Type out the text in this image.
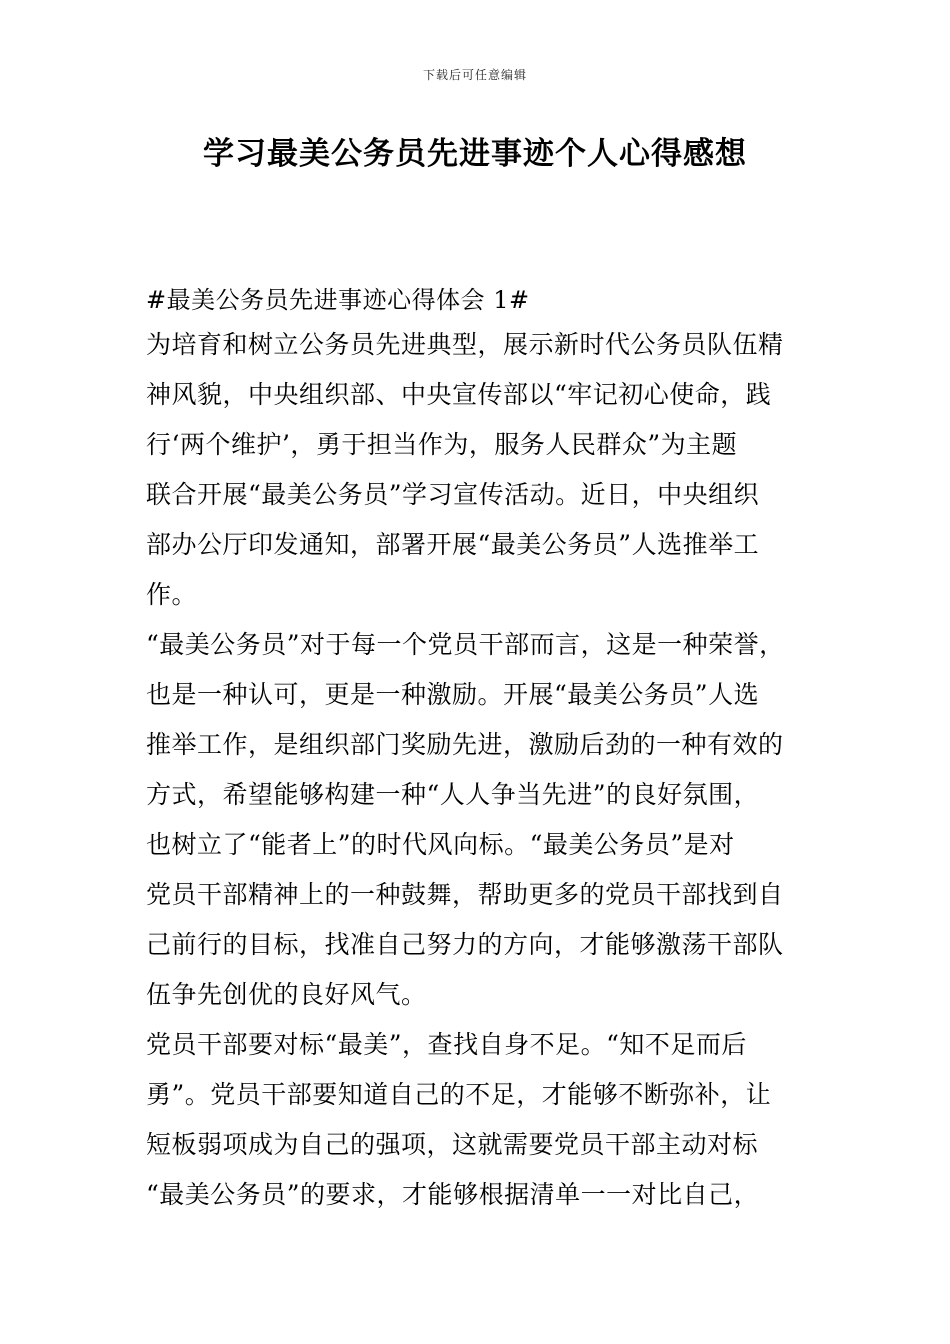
下载后可任意编辑
学习最美公务员先进事迹个人心得感想
#最美公务员先进事迹心得体会 1#
为培育和树立公务员先进典型，展示新时代公务员队伍精
神风貌，中央组织部、中央宣传部以“牢记初心使命，践
行‘两个维护’，勇于担当作为，服务人民群众”为主题
联合开展“最美公务员”学习宣传活动。近日，中央组织
部办公厅印发通知，部署开展“最美公务员”人选推举工
作。
“最美公务员”对于每一个党员干部而言，这是一种荣誉，
也是一种认可，更是一种激励。开展“最美公务员”人选
推举工作，是组织部门奖励先进，激励后劲的一种有效的
方式，希望能够构建一种“人人争当先进”的良好氛围，
也树立了“能者上”的时代风向标。“最美公务员”是对
党员干部精神上的一种鼓舞，帮助更多的党员干部找到自
己前行的目标，找准自己努力的方向，才能够激荡干部队
伍争先创优的良好风气。
党员干部要对标“最美”，查找自身不足。“知不足而后
勇”。党员干部要知道自己的不足，才能够不断弥补，让
短板弱项成为自己的强项，这就需要党员干部主动对标
“最美公务员”的要求，才能够根据清单一一对比自己，
